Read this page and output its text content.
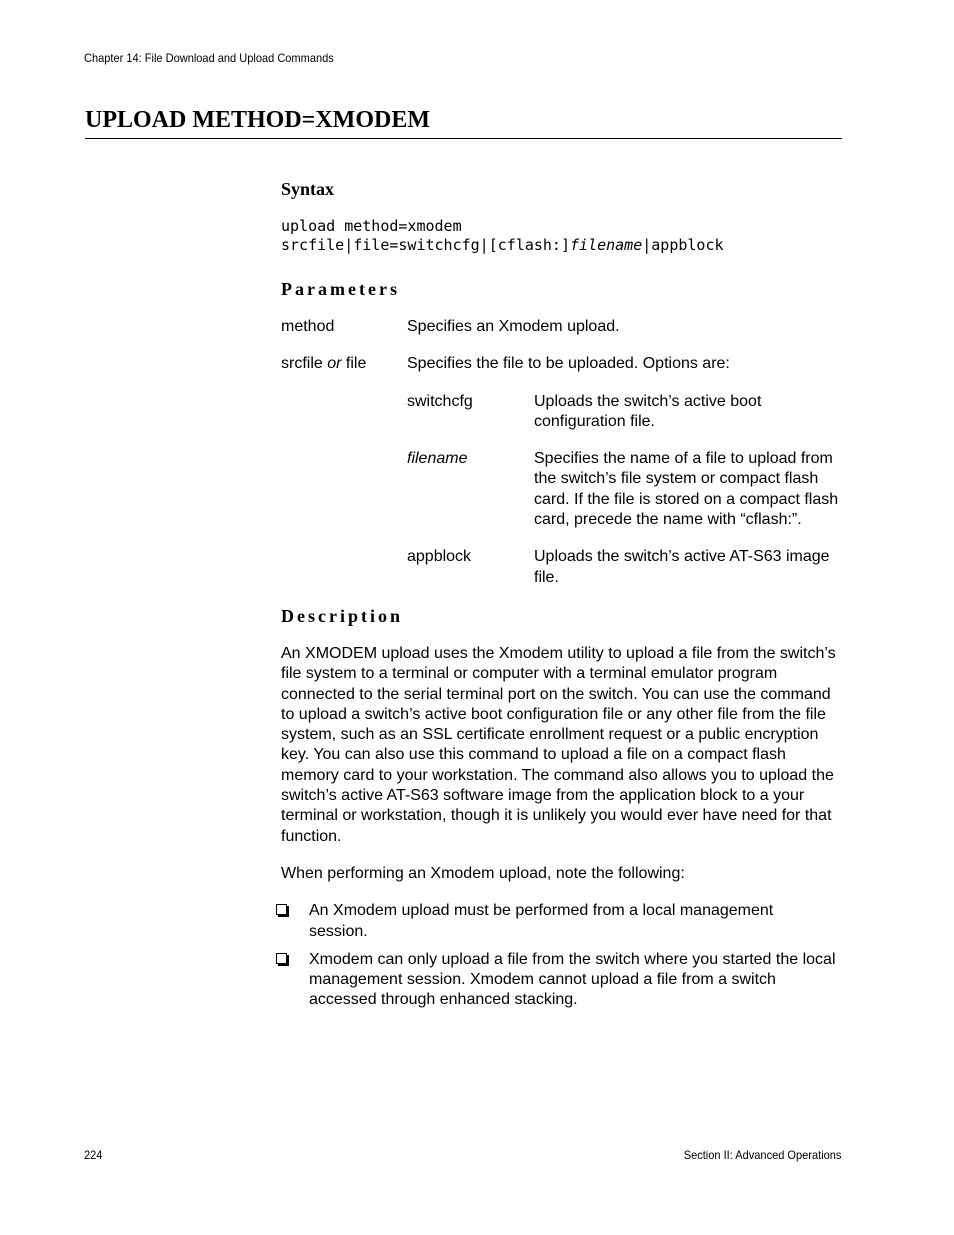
Chapter 14: File Download and Upload Commands
UPLOAD METHOD=XMODEM
Syntax
upload method=xmodem
srcfile|file=switchcfg|[cflash:]filename|appblock
Parameters
method	Specifies an Xmodem upload.
srcfile or file	Specifies the file to be uploaded. Options are:
switchcfg	Uploads the switch’s active boot configuration file.
filename	Specifies the name of a file to upload from the switch’s file system or compact flash card. If the file is stored on a compact flash card, precede the name with “cflash:”.
appblock	Uploads the switch’s active AT-S63 image file.
Description

An XMODEM upload uses the Xmodem utility to upload a file from the switch’s file system to a terminal or computer with a terminal emulator program connected to the serial terminal port on the switch. You can use the command to upload a switch’s active boot configuration file or any other file from the file system, such as an SSL certificate enrollment request or a public encryption key. You can also use this command to upload a file on a compact flash memory card to your workstation. The command also allows you to upload the switch’s active AT-S63 software image from the application block to a your terminal or workstation, though it is unlikely you would ever have need for that function.

When performing an Xmodem upload, note the following:

An Xmodem upload must be performed from a local management session.
Xmodem can only upload a file from the switch where you started the local management session. Xmodem cannot upload a file from a switch accessed through enhanced stacking.
224	Section II: Advanced Operations
